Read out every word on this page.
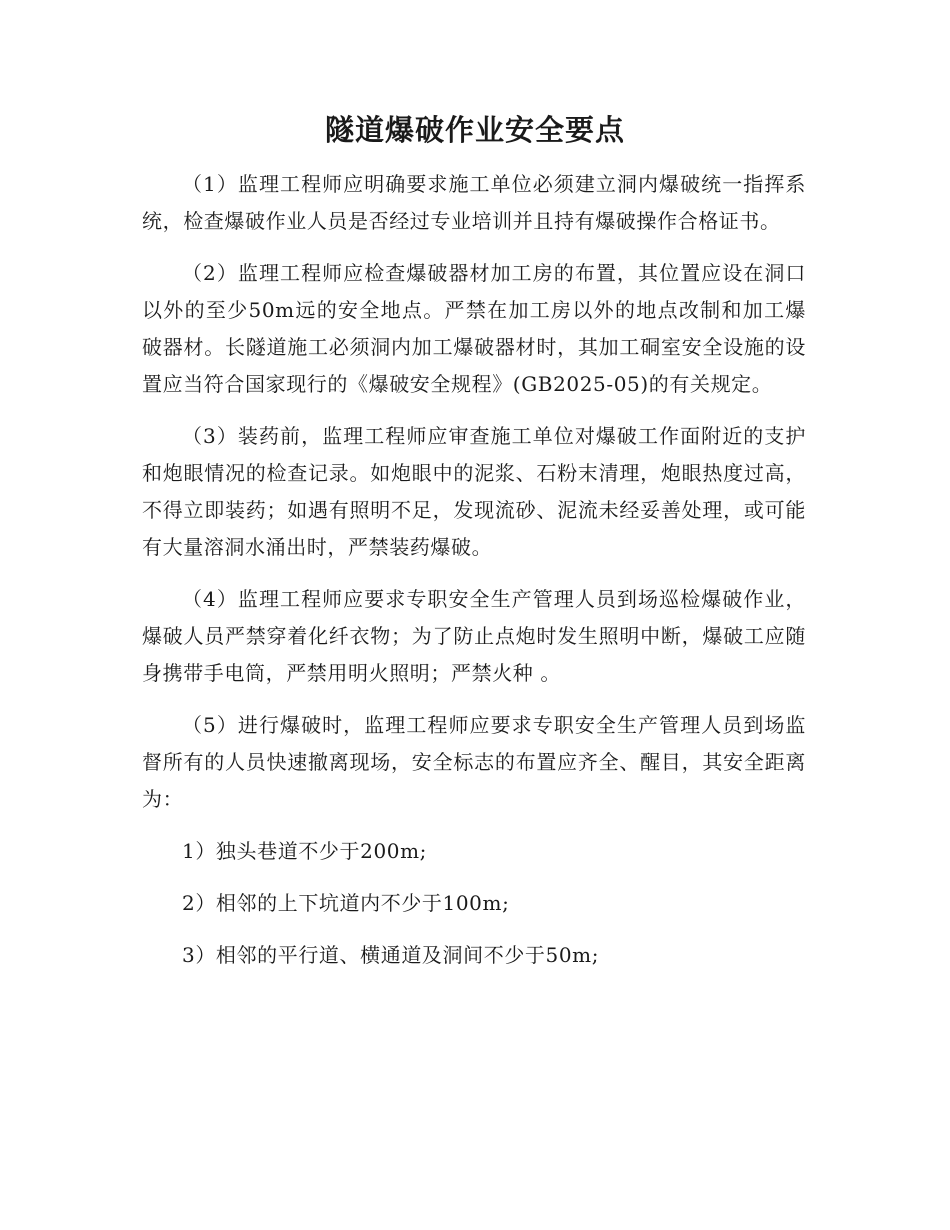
隧道爆破作业安全要点

（1）监理工程师应明确要求施工单位必须建立洞内爆破统一指挥系统，检查爆破作业人员是否经过专业培训并且持有爆破操作合格证书。

（2）监理工程师应检查爆破器材加工房的布置，其位置应设在洞口以外的至少50m远的安全地点。严禁在加工房以外的地点改制和加工爆破器材。长隧道施工必须洞内加工爆破器材时，其加工硐室安全设施的设置应当符合国家现行的《爆破安全规程》(GB2025-05)的有关规定。

（3）装药前，监理工程师应审查施工单位对爆破工作面附近的支护和炮眼情况的检查记录。如炮眼中的泥浆、石粉末清理，炮眼热度过高，不得立即装药；如遇有照明不足，发现流砂、泥流未经妥善处理，或可能有大量溶洞水涌出时，严禁装药爆破。

（4）监理工程师应要求专职安全生产管理人员到场巡检爆破作业，爆破人员严禁穿着化纤衣物；为了防止点炮时发生照明中断，爆破工应随身携带手电筒，严禁用明火照明；严禁火种 。

（5）进行爆破时，监理工程师应要求专职安全生产管理人员到场监督所有的人员快速撤离现场，安全标志的布置应齐全、醒目，其安全距离为：

1）独头巷道不少于200m;

2）相邻的上下坑道内不少于100m;

3）相邻的平行道、横通道及洞间不少于50m;
